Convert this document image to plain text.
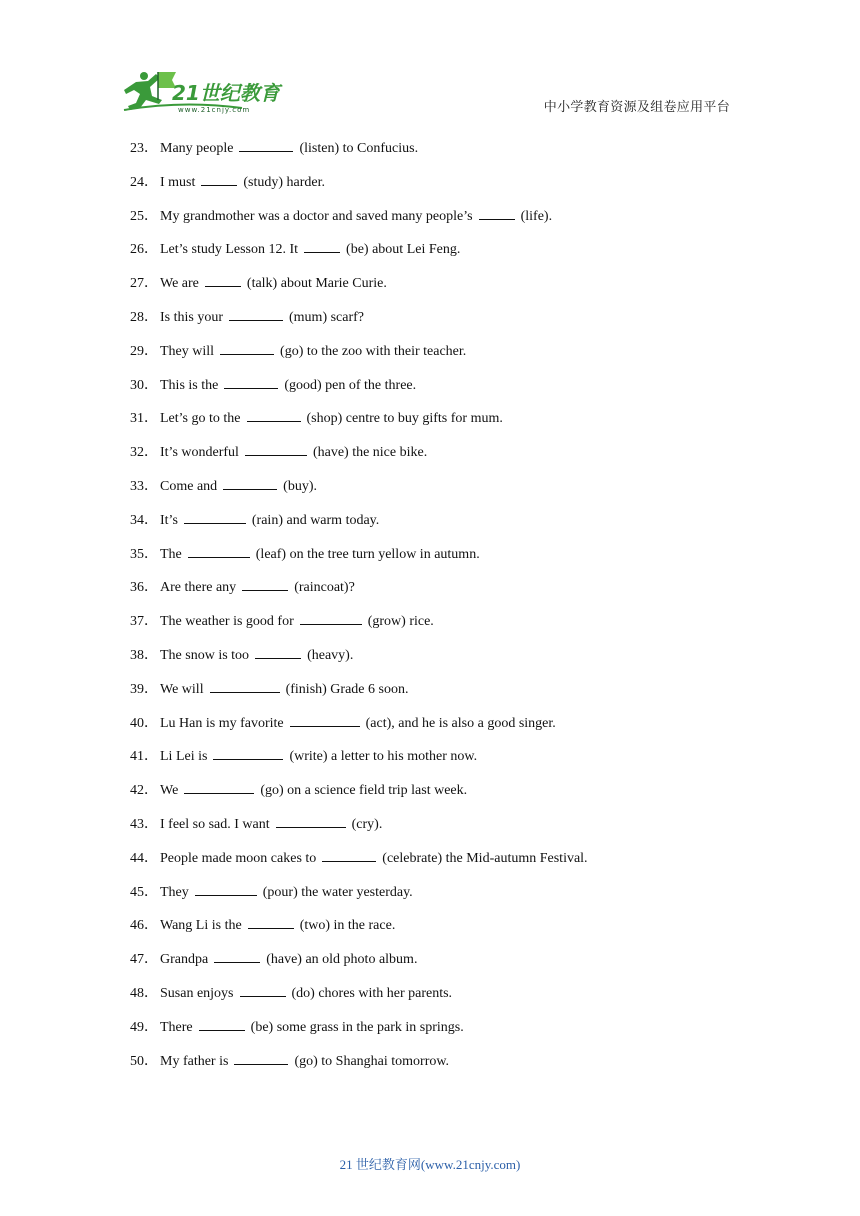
21世纪教育
www.21cnjy.com	中小学教育资源及组卷应用平台
23． Many people	(listen) to Confucius.
24． I must	(study) harder.
25． My grandmother was a doctor and saved many people’s	(life).
26． Let’s study Lesson 12. It	(be) about Lei Feng.
27． We are	(talk) about Marie Curie.
28． Is this your	(mum) scarf?
29． They will	(go) to the zoo with their teacher.
30． This is the	(good) pen of the three.
31． Let’s go to the	(shop) centre to buy gifts for mum.
32． It’s wonderful	(have) the nice bike.
33． Come and	(buy).
34． It’s	(rain) and warm today.
35． The	(leaf) on the tree turn yellow in autumn.
36． Are there any	(raincoat)?
37． The weather is good for	(grow) rice.
38． The snow is too	(heavy).
39． We will	(finish) Grade 6 soon.
40． Lu Han is my favorite	(act), and he is also a good singer.
41． Li Lei is	(write) a letter to his mother now.
42． We	(go) on a science field trip last week.
43． I feel so sad. I want	(cry).
44． People made moon cakes to	(celebrate) the Mid-autumn Festival.
45． They	(pour) the water yesterday.
46． Wang Li is the	(two) in the race.
47． Grandpa	(have) an old photo album.
48． Susan enjoys	(do) chores with her parents.
49． There	(be) some grass in the park in springs.
50． My father is	(go) to Shanghai tomorrow.
21 世纪教育网(www.21cnjy.com)
